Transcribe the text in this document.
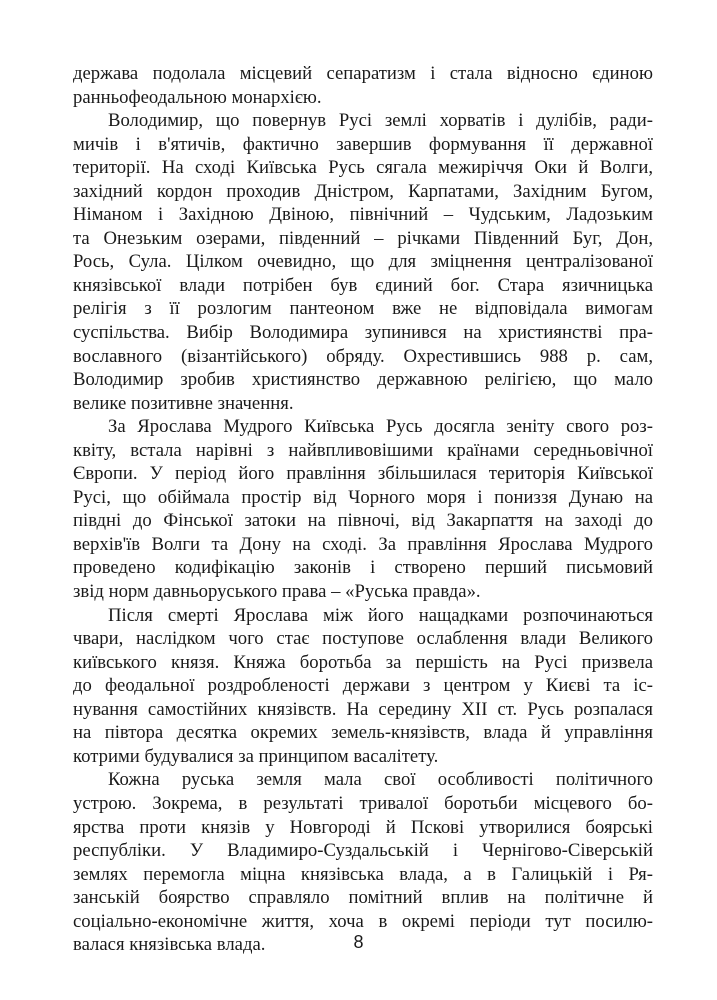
держава подолала місцевий сепаратизм і стала відносно єдиною
ранньофеодальною монархією.
Володимир, що повернув Русі землі хорватів і дулібів, ради-
мичів і в'ятичів, фактично завершив формування її державної
території. На сході Київська Русь сягала межиріччя Оки й Волги,
західний кордон проходив Дністром, Карпатами, Західним Бугом,
Німаном і Західною Двіною, північний – Чудським, Ладозьким
та Онезьким озерами, південний – річками Південний Буг, Дон,
Рось, Сула. Цілком очевидно, що для зміцнення централізованої
князівської влади потрібен був єдиний бог. Стара язичницька
релігія з її розлогим пантеоном вже не відповідала вимогам
суспільства. Вибір Володимира зупинився на християнстві пра-
вославного (візантійського) обряду. Охрестившись 988 р. сам,
Володимир зробив християнство державною релігією, що мало
велике позитивне значення.
За Ярослава Мудрого Київська Русь досягла зеніту свого роз-
квіту, встала нарівні з найвпливовішими країнами середньовічної
Європи. У період його правління збільшилася територія Київської
Русі, що обіймала простір від Чорного моря і пониззя Дунаю на
півдні до Фінської затоки на півночі, від Закарпаття на заході до
верхів'їв Волги та Дону на сході. За правління Ярослава Мудрого
проведено кодифікацію законів і створено перший письмовий
звід норм давньоруського права – «Руська правда».
Після смерті Ярослава між його нащадками розпочинаються
чвари, наслідком чого стає поступове ослаблення влади Великого
київського князя. Княжа боротьба за першість на Русі призвела
до феодальної роздробленості держави з центром у Києві та іс-
нування самостійних князівств. На середину XII ст. Русь розпалася
на півтора десятка окремих земель-князівств, влада й управління
котрими будувалися за принципом васалітету.
Кожна руська земля мала свої особливості політичного
устрою. Зокрема, в результаті тривалої боротьби місцевого бо-
ярства проти князів у Новгороді й Пскові утворилися боярські
республіки. У Владимиро-Суздальській і Чернігово-Сіверській
землях перемогла міцна князівська влада, а в Галицькій і Ря-
занській боярство справляло помітний вплив на політичне й
соціально-економічне життя, хоча в окремі періоди тут посилю-
валася князівська влада.	8
